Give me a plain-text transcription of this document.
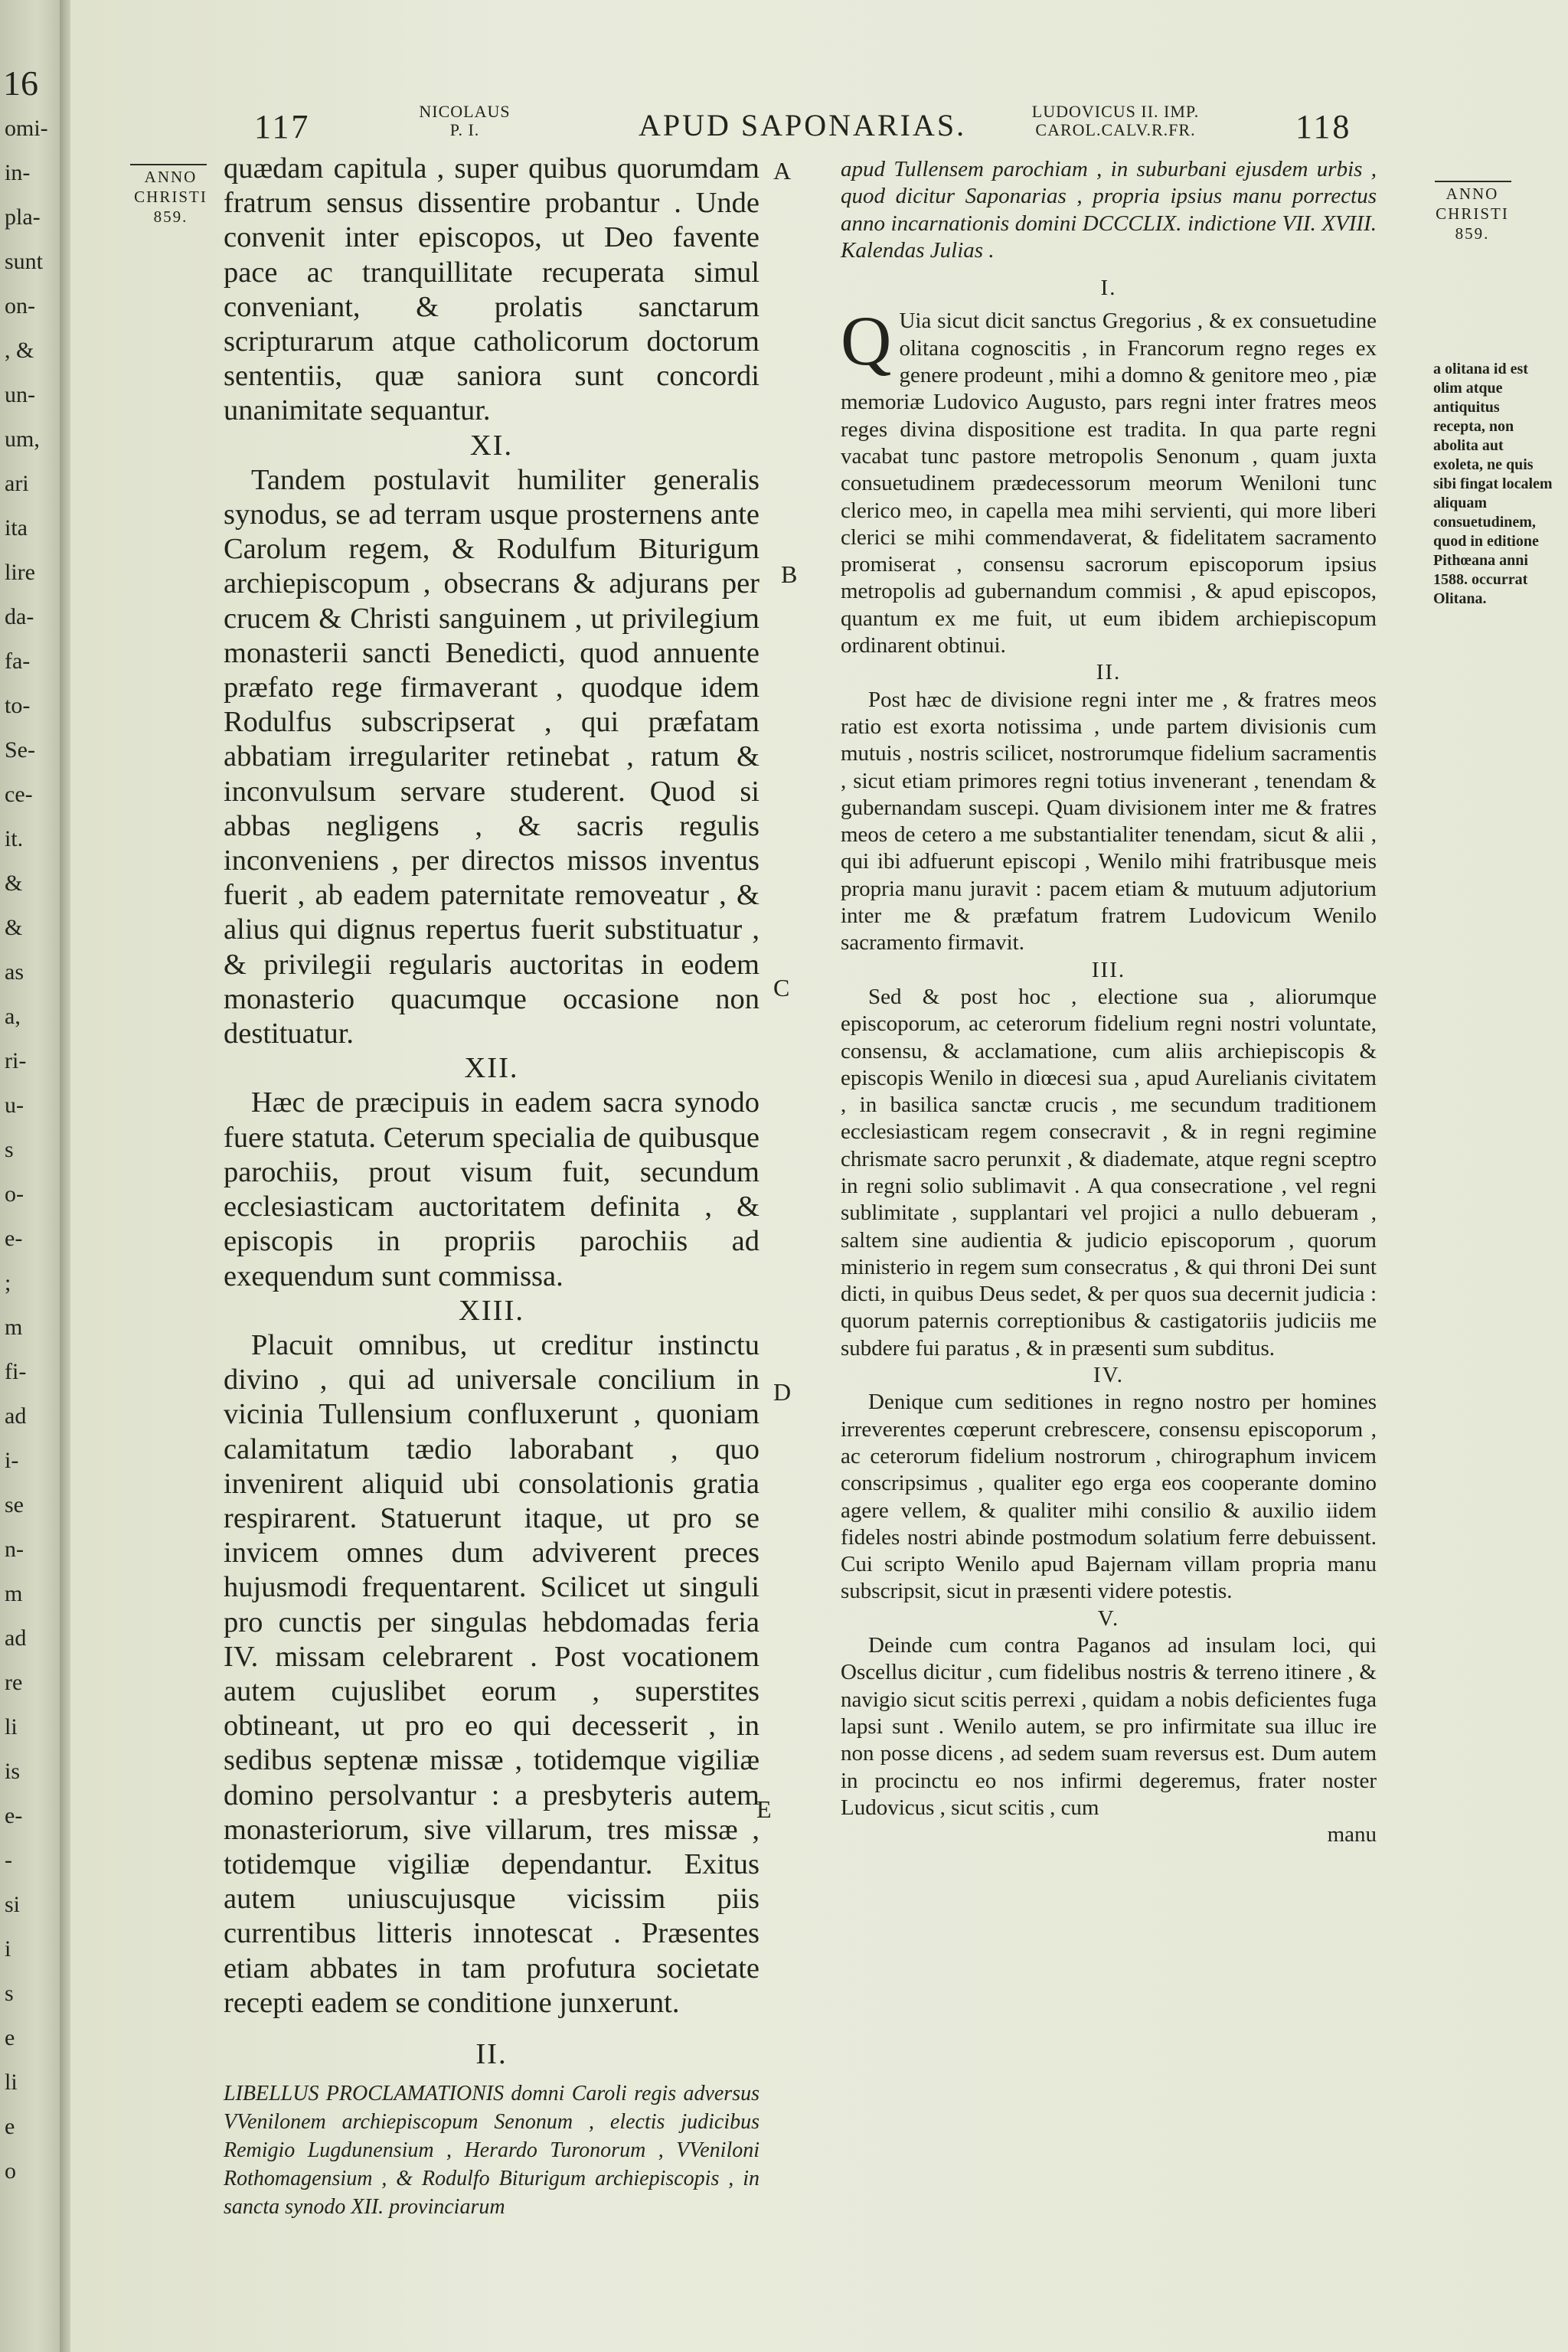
16
omi-
in-
pla-
sunt
on-
, &
un-
um,
ari
ita
lire
da-
fa-
to-
Se-
ce-
it.
&
&
as
a,
ri-
u-
s
o-
e-
;
m
fi-
ad
i-
se
n-
m
ad
re
li
is
e-
-
si
i
s
e
li
e
o
117	NICOLAUS
P. I.	APUD SAPONARIAS.	LUDOVICUS II. IMP.
CAROL.CALV.R.FR.	118
ANNO
CHRISTI
859.
ANNO
CHRISTI
859.
A
B
C
D
E
a olitana id est olim atque antiquitus recepta, non abolita aut exoleta, ne quis sibi fingat localem aliquam consuetudinem, quod in editione Pithœana anni 1588. occurrat Olitana.

quædam capitula , super quibus quorumdam fratrum sensus dissentire probantur . Unde convenit inter episcopos, ut Deo favente pace ac tranquillitate recuperata simul conveniant, & prolatis sanctarum scripturarum atque catholicorum doctorum sententiis, quæ saniora sunt concordi unanimitate sequantur.

XI.

Tandem postulavit humiliter generalis synodus, se ad terram usque prosternens ante Carolum regem, & Rodulfum Biturigum archiepiscopum , obsecrans & adjurans per crucem & Christi sanguinem , ut privilegium monasterii sancti Benedicti, quod annuente præfato rege firmaverant , quodque idem Rodulfus subscripserat , qui præfatam abbatiam irregulariter retinebat , ratum & inconvulsum servare studerent. Quod si abbas negligens , & sacris regulis inconveniens , per directos missos inventus fuerit , ab eadem paternitate removeatur , & alius qui dignus repertus fuerit substituatur , & privilegii regularis auctoritas in eodem monasterio quacumque occasione non destituatur.

XII.

Hæc de præcipuis in eadem sacra synodo fuere statuta. Ceterum specialia de quibusque parochiis, prout visum fuit, secundum ecclesiasticam auctoritatem definita , & episcopis in propriis parochiis ad exequendum sunt commissa.

XIII.

Placuit omnibus, ut creditur instinctu divino , qui ad universale concilium in vicinia Tullensium confluxerunt , quoniam calamitatum tædio laborabant , quo invenirent aliquid ubi consolationis gratia respirarent. Statuerunt itaque, ut pro se invicem omnes dum adviverent preces hujusmodi frequentarent. Scilicet ut singuli pro cunctis per singulas hebdomadas feria IV. missam celebrarent . Post vocationem autem cujuslibet eorum , superstites obtineant, ut pro eo qui decesserit , in sedibus septenæ missæ , totidemque vigiliæ domino persolvantur : a presbyteris autem monasteriorum, sive villarum, tres missæ , totidemque vigiliæ dependantur. Exitus autem uniuscujusque vicissim piis currentibus litteris innotescat . Præsentes etiam abbates in tam profutura societate recepti eadem se conditione junxerunt.

II.

LIBELLUS PROCLAMATIONIS domni Caroli regis adversus VVenilonem archiepiscopum Senonum , electis judicibus Remigio Lugdunensium , Herardo Turonorum , VVeniloni Rothomagensium , & Rodulfo Biturigum archiepiscopis , in sancta synodo XII. provinciarum

apud Tullensem parochiam , in suburbani ejusdem urbis , quod dicitur Saponarias , propria ipsius manu porrectus anno incarnationis domini DCCCLIX. indictione VII. XVIII. Kalendas Julias .

I.

Q Uia sicut dicit sanctus Gregorius , & ex consuetudine olitana cognoscitis , in Francorum regno reges ex genere prodeunt , mihi a domno & genitore meo , piæ memoriæ Ludovico Augusto, pars regni inter fratres meos reges divina dispositione est tradita. In qua parte regni vacabat tunc pastore metropolis Senonum , quam juxta consuetudinem prædecessorum meorum Weniloni tunc clerico meo, in capella mea mihi servienti, qui more liberi clerici se mihi commendaverat, & fidelitatem sacramento promiserat , consensu sacrorum episcoporum ipsius metropolis ad gubernandum commisi , & apud episcopos, quantum ex me fuit, ut eum ibidem archiepiscopum ordinarent obtinui.

II.

Post hæc de divisione regni inter me , & fratres meos ratio est exorta notissima , unde partem divisionis cum mutuis , nostris scilicet, nostrorumque fidelium sacramentis , sicut etiam primores regni totius invenerant , tenendam & gubernandam suscepi. Quam divisionem inter me & fratres meos de cetero a me substantialiter tenendam, sicut & alii , qui ibi adfuerunt episcopi , Wenilo mihi fratribusque meis propria manu juravit : pacem etiam & mutuum adjutorium inter me & præfatum fratrem Ludovicum Wenilo sacramento firmavit.

III.

Sed & post hoc , electione sua , aliorumque episcoporum, ac ceterorum fidelium regni nostri voluntate, consensu, & acclamatione, cum aliis archiepiscopis & episcopis Wenilo in diœcesi sua , apud Aurelianis civitatem , in basilica sanctæ crucis , me secundum traditionem ecclesiasticam regem consecravit , & in regni regimine chrismate sacro perunxit , & diademate, atque regni sceptro in regni solio sublimavit . A qua consecratione , vel regni sublimitate , supplantari vel projici a nullo debueram , saltem sine audientia & judicio episcoporum , quorum ministerio in regem sum consecratus , & qui throni Dei sunt dicti, in quibus Deus sedet, & per quos sua decernit judicia : quorum paternis correptionibus & castigatoriis judiciis me subdere fui paratus , & in præsenti sum subditus.

IV.

Denique cum seditiones in regno nostro per homines irreverentes cœperunt crebrescere, consensu episcoporum , ac ceterorum fidelium nostrorum , chirographum invicem conscripsimus , qualiter ego erga eos cooperante domino agere vellem, & qualiter mihi consilio & auxilio iidem fideles nostri abinde postmodum solatium ferre debuissent. Cui scripto Wenilo apud Bajernam villam propria manu subscripsit, sicut in præsenti videre potestis.

V.

Deinde cum contra Paganos ad insulam loci, qui Oscellus dicitur , cum fidelibus nostris & terreno itinere , & navigio sicut scitis perrexi , quidam a nobis deficientes fuga lapsi sunt . Wenilo autem, se pro infirmitate sua illuc ire non posse dicens , ad sedem suam reversus est. Dum autem in procinctu eo nos infirmi degeremus, frater noster Ludovicus , sicut scitis , cum

manu
